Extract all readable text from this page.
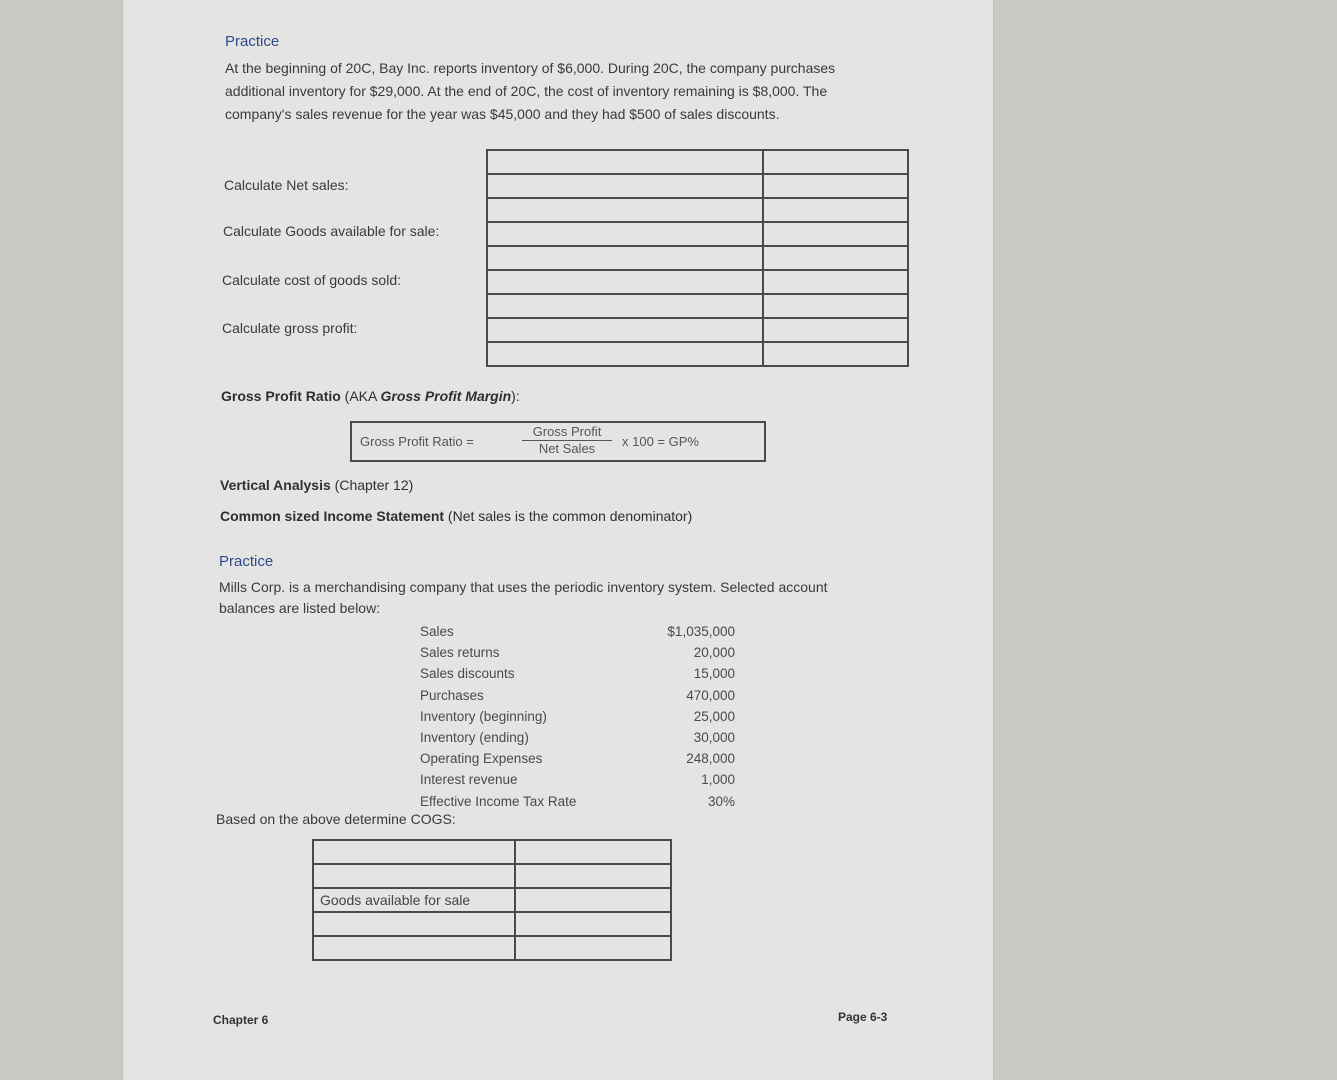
Practice
At the beginning of 20C, Bay Inc. reports inventory of $6,000. During 20C, the company purchases additional inventory for $29,000. At the end of 20C, the cost of inventory remaining is $8,000. The company's sales revenue for the year was $45,000 and they had $500 of sales discounts.
Calculate Net sales:
Calculate Goods available for sale:
Calculate cost of goods sold:
Calculate gross profit:

Gross Profit Ratio (AKA Gross Profit Margin):
Gross Profit Ratio =
Gross Profit
Net Sales	x 100 = GP%
Vertical Analysis (Chapter 12)
Common sized Income Statement (Net sales is the common denominator)
Practice
Mills Corp. is a merchandising company that uses the periodic inventory system. Selected account balances are listed below:
Sales	$1,035,000
Sales returns	20,000
Sales discounts	15,000
Purchases	470,000
Inventory (beginning)	25,000
Inventory (ending)	30,000
Operating Expenses	248,000
Interest revenue	1,000
Effective Income Tax Rate	30%
Based on the above determine COGS:

Goods available for sale	

Chapter 6	Page 6-3
